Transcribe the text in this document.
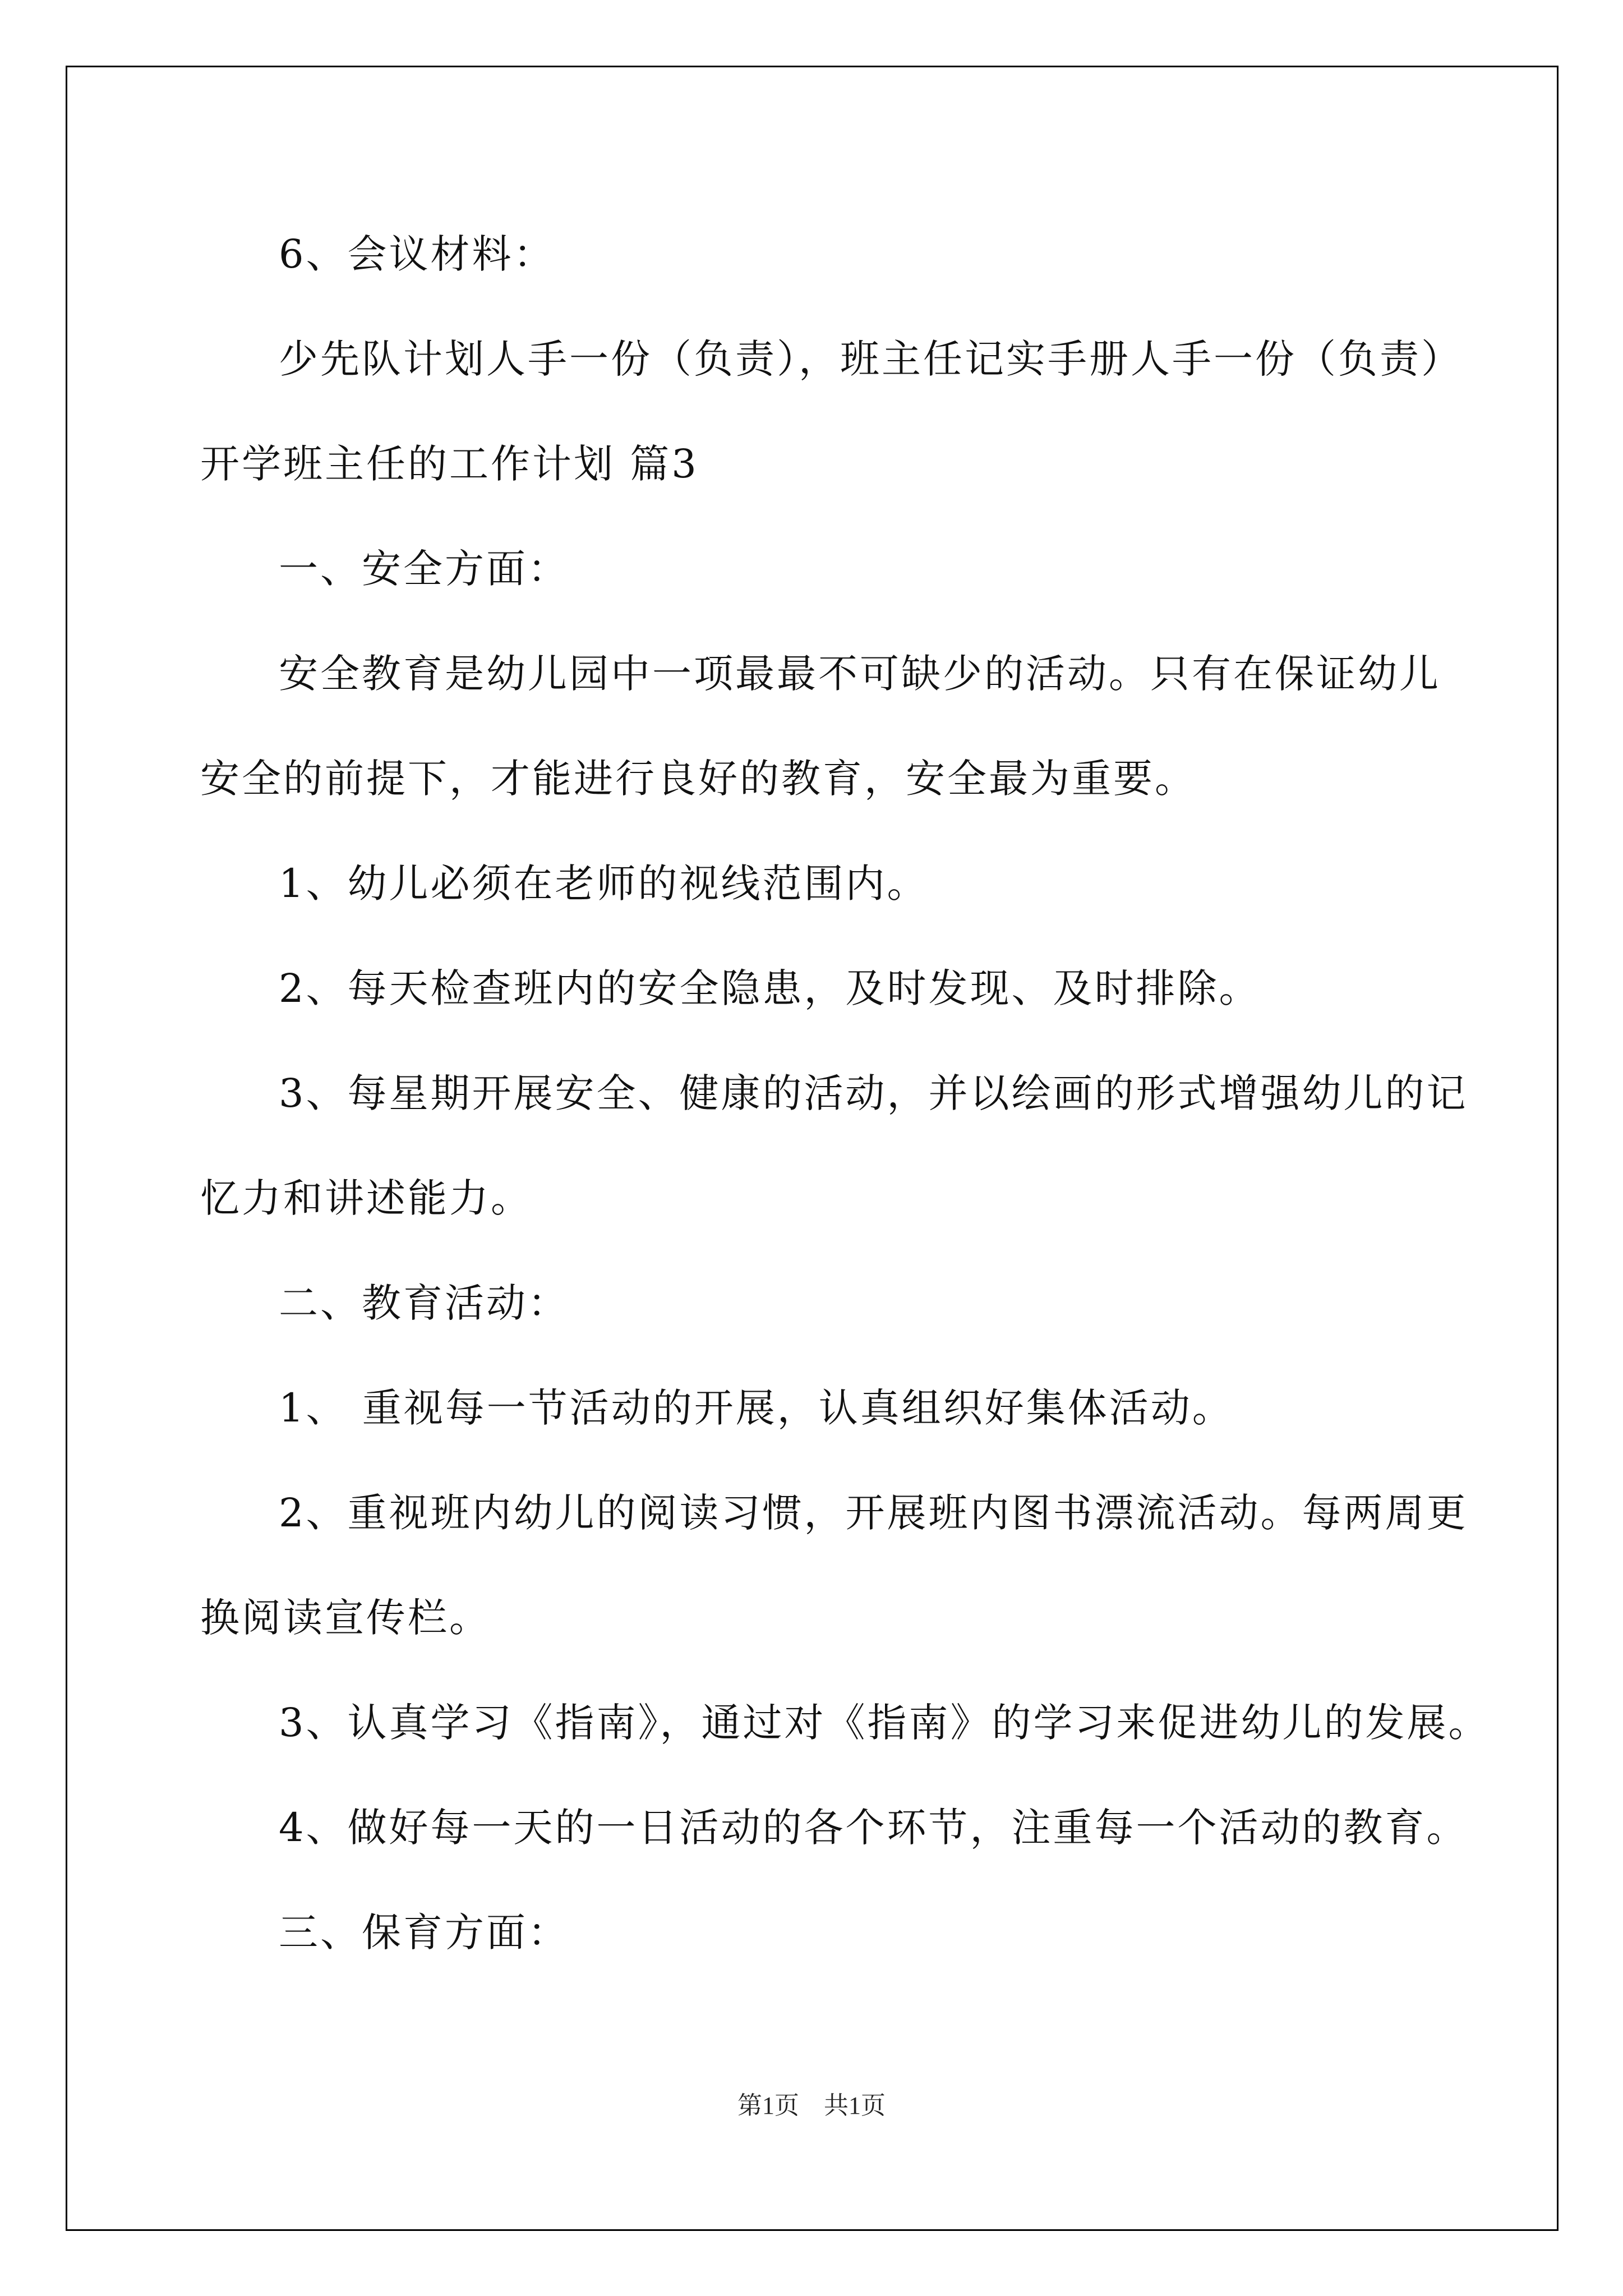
6、会议材料：
少先队计划人手一份（负责），班主任记实手册人手一份（负责）
开学班主任的工作计划 篇3
一、安全方面：
安全教育是幼儿园中一项最最不可缺少的活动。只有在保证幼儿
安全的前提下，才能进行良好的教育，安全最为重要。
1、幼儿必须在老师的视线范围内。
2、每天检查班内的安全隐患，及时发现、及时排除。
3、每星期开展安全、健康的活动，并以绘画的形式增强幼儿的记
忆力和讲述能力。
二、教育活动：
1、 重视每一节活动的开展，认真组织好集体活动。
2、重视班内幼儿的阅读习惯，开展班内图书漂流活动。每两周更
换阅读宣传栏。
3、认真学习《指南》，通过对《指南》的学习来促进幼儿的发展。
4、做好每一天的一日活动的各个环节，注重每一个活动的教育。
三、保育方面：
第1页　共1页
